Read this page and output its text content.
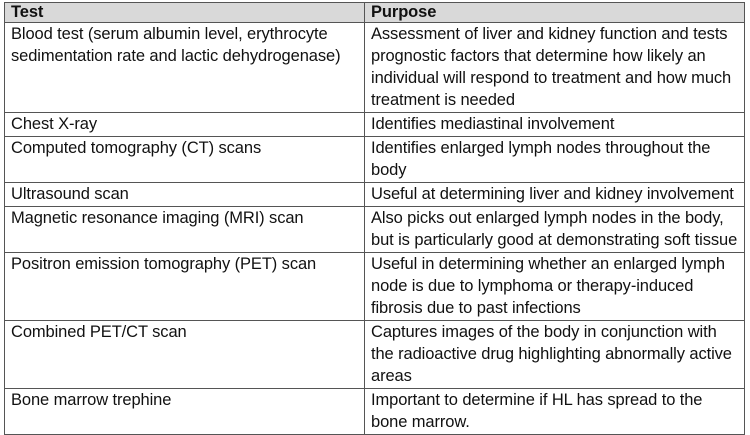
Test	Purpose
Blood test (serum albumin level, erythrocyte sedimentation rate and lactic dehydrogenase)	Assessment of liver and kidney function and tests prognostic factors that determine how likely an individual will respond to treatment and how much treatment is needed
Chest X-ray	Identifies mediastinal involvement
Computed tomography (CT) scans	Identifies enlarged lymph nodes throughout the body
Ultrasound scan	Useful at determining liver and kidney involvement
Magnetic resonance imaging (MRI) scan	Also picks out enlarged lymph nodes in the body, but is particularly good at demonstrating soft tissue
Positron emission tomography (PET) scan	Useful in determining whether an enlarged lymph node is due to lymphoma or therapy-induced fibrosis due to past infections
Combined PET/CT scan	Captures images of the body in conjunction with the radioactive drug highlighting abnormally active areas
Bone marrow trephine	Important to determine if HL has spread to the bone marrow.
